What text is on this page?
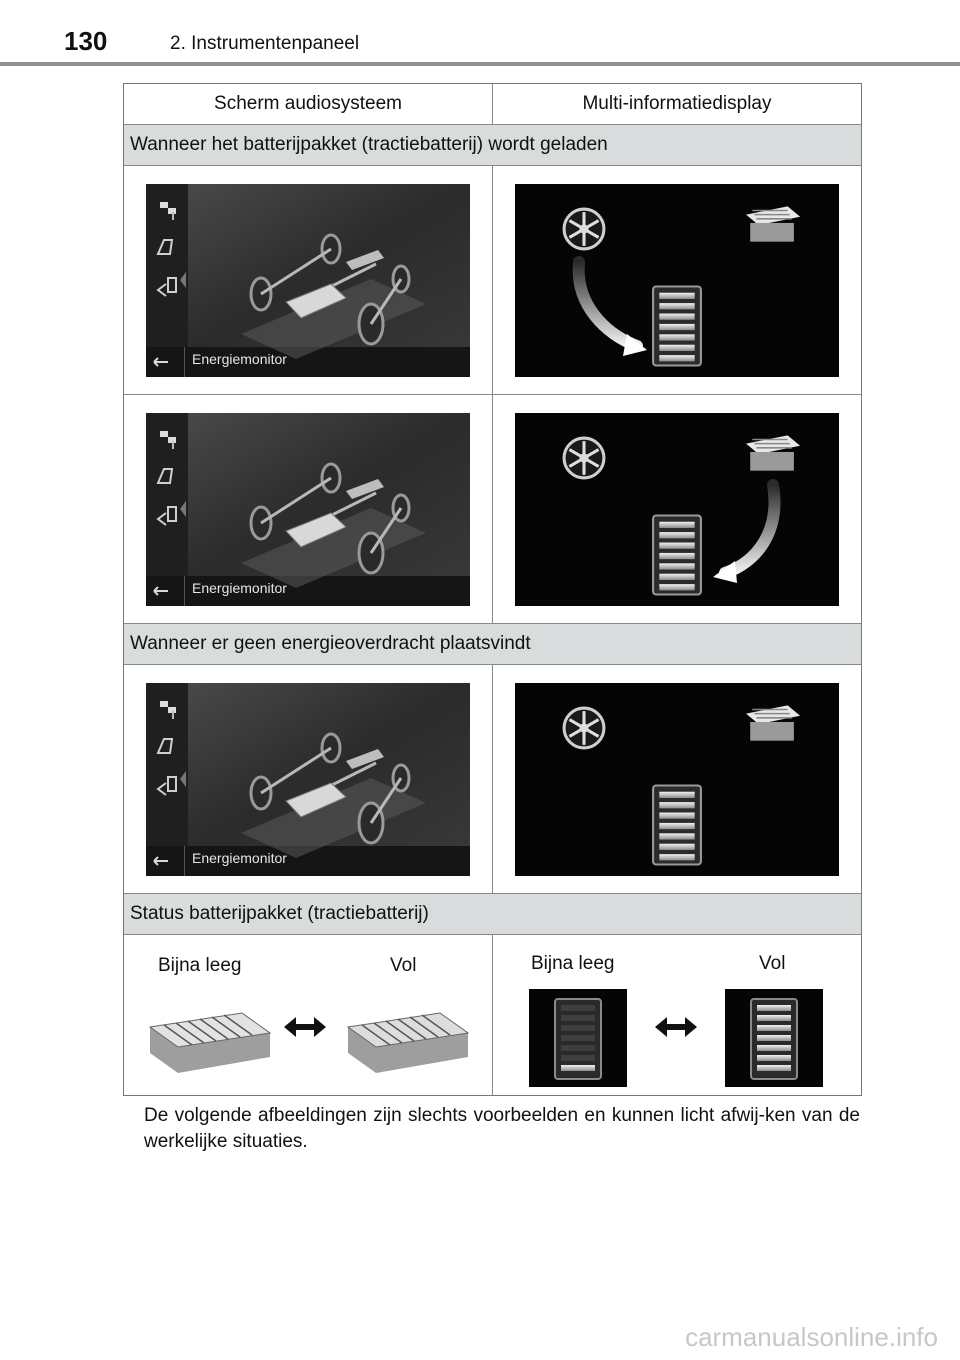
130	2. Instrumentenpaneel
Scherm audiosysteem	Multi-informatiedisplay
Wanneer het batterijpakket (tractiebatterij) wordt geladen
Wanneer er geen energieoverdracht plaatsvindt
Status batterijpakket (tractiebatterij)
Bijna leeg	Vol	Bijna leeg	Vol
De volgende afbeeldingen zijn slechts voorbeelden en kunnen licht afwij-ken van de werkelijke situaties.
carmanualsonline.info
